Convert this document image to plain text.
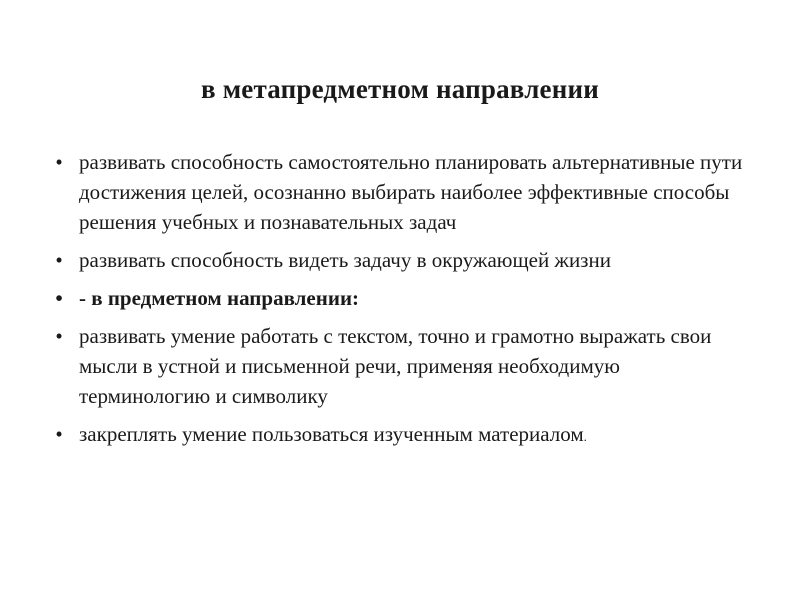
в метапредметном направлении
• развивать способность самостоятельно планировать альтернативные пути достижения целей, осознанно выбирать наиболее эффективные способы решения учебных и познавательных задач
• развивать способность видеть задачу в окружающей жизни
• - в предметном направлении:
• развивать умение работать с текстом, точно и грамотно выражать свои мысли в устной и письменной речи, применяя необходимую терминологию и символику
• закреплять умение пользоваться изученным материалом.
